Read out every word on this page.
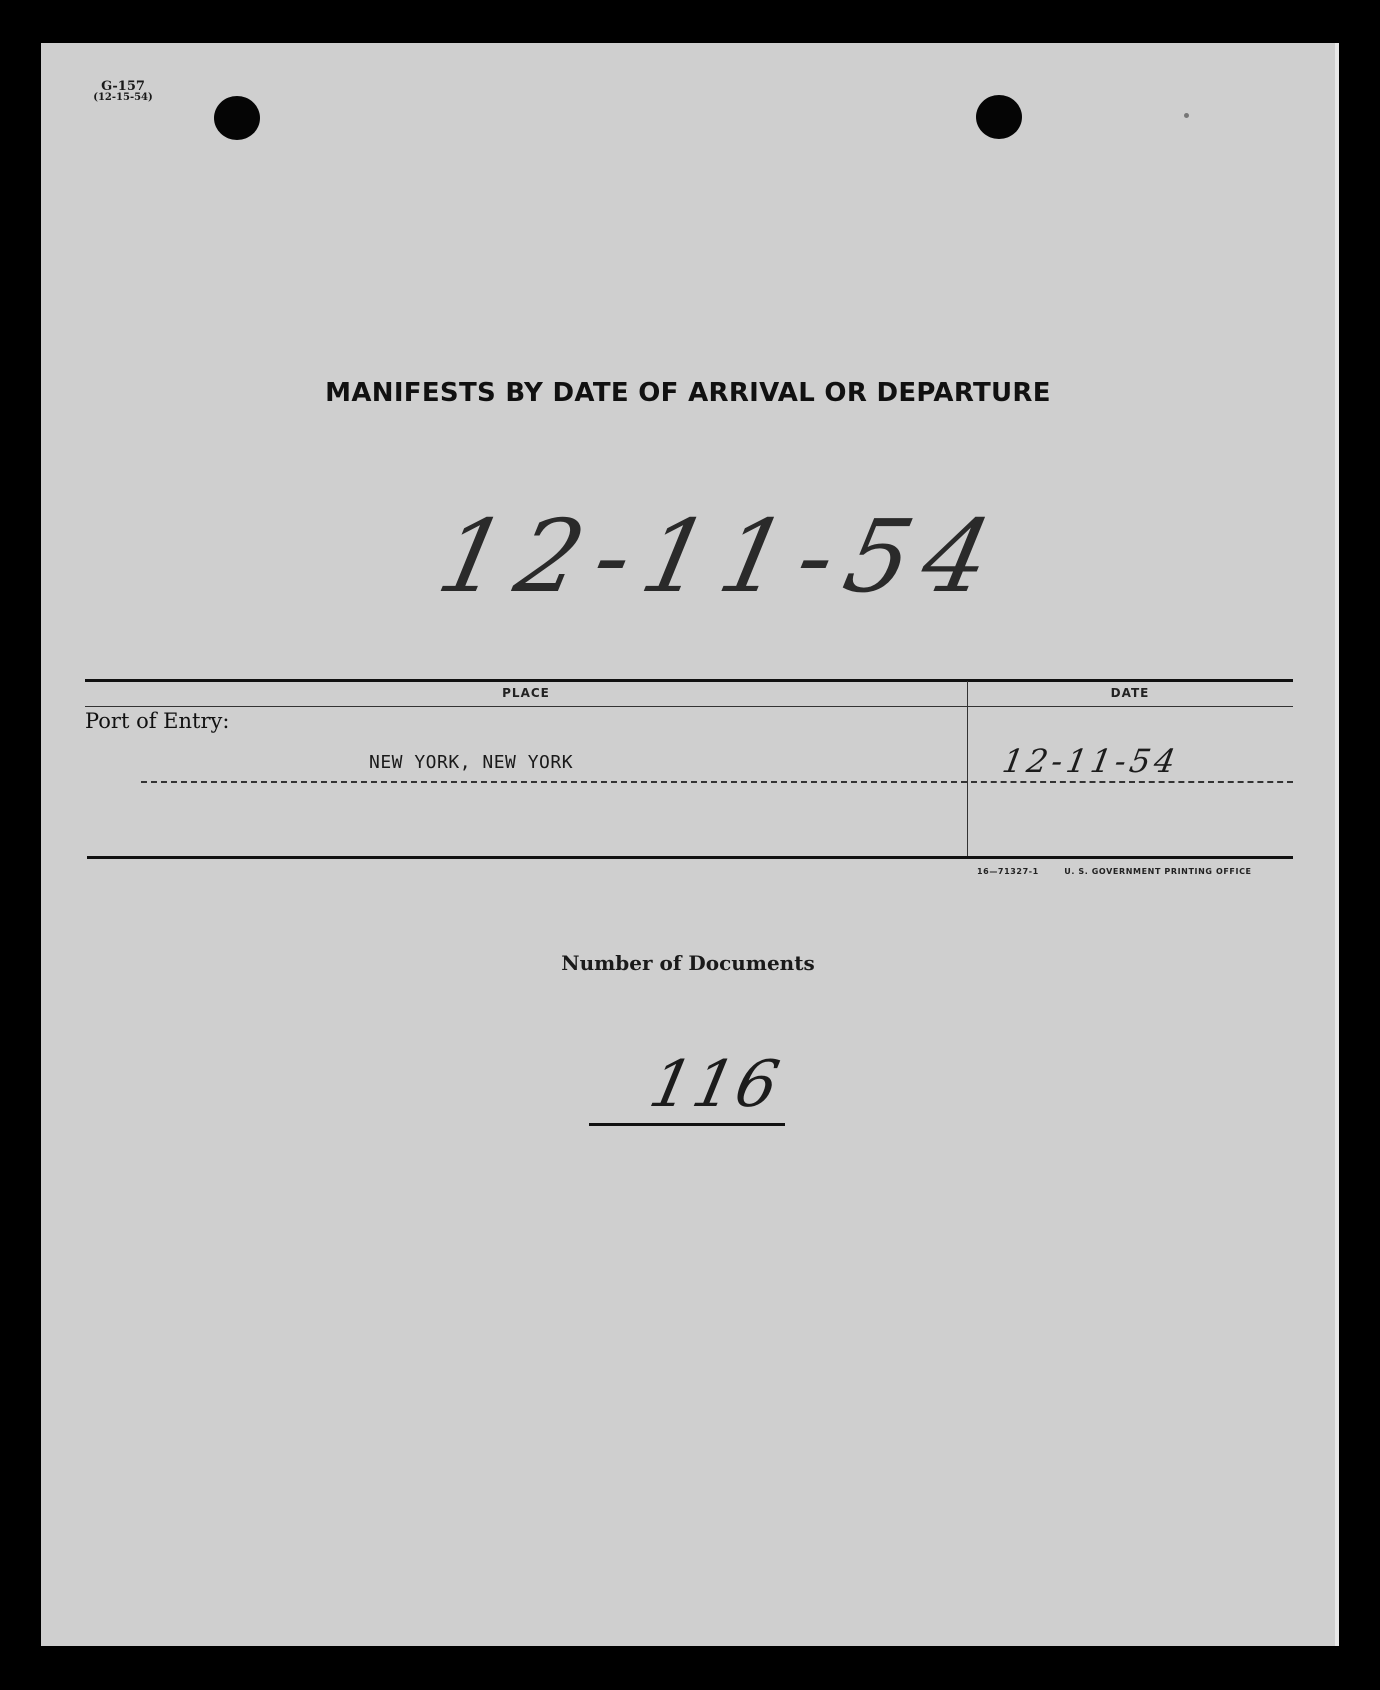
G-157
(12-15-54)
MANIFESTS BY DATE OF ARRIVAL OR DEPARTURE
12-11-54
PLACE	DATE
Port of Entry:
NEW YORK, NEW YORK	12-11-54
16—71327-1	U. S. GOVERNMENT PRINTING OFFICE
Number of Documents
116
